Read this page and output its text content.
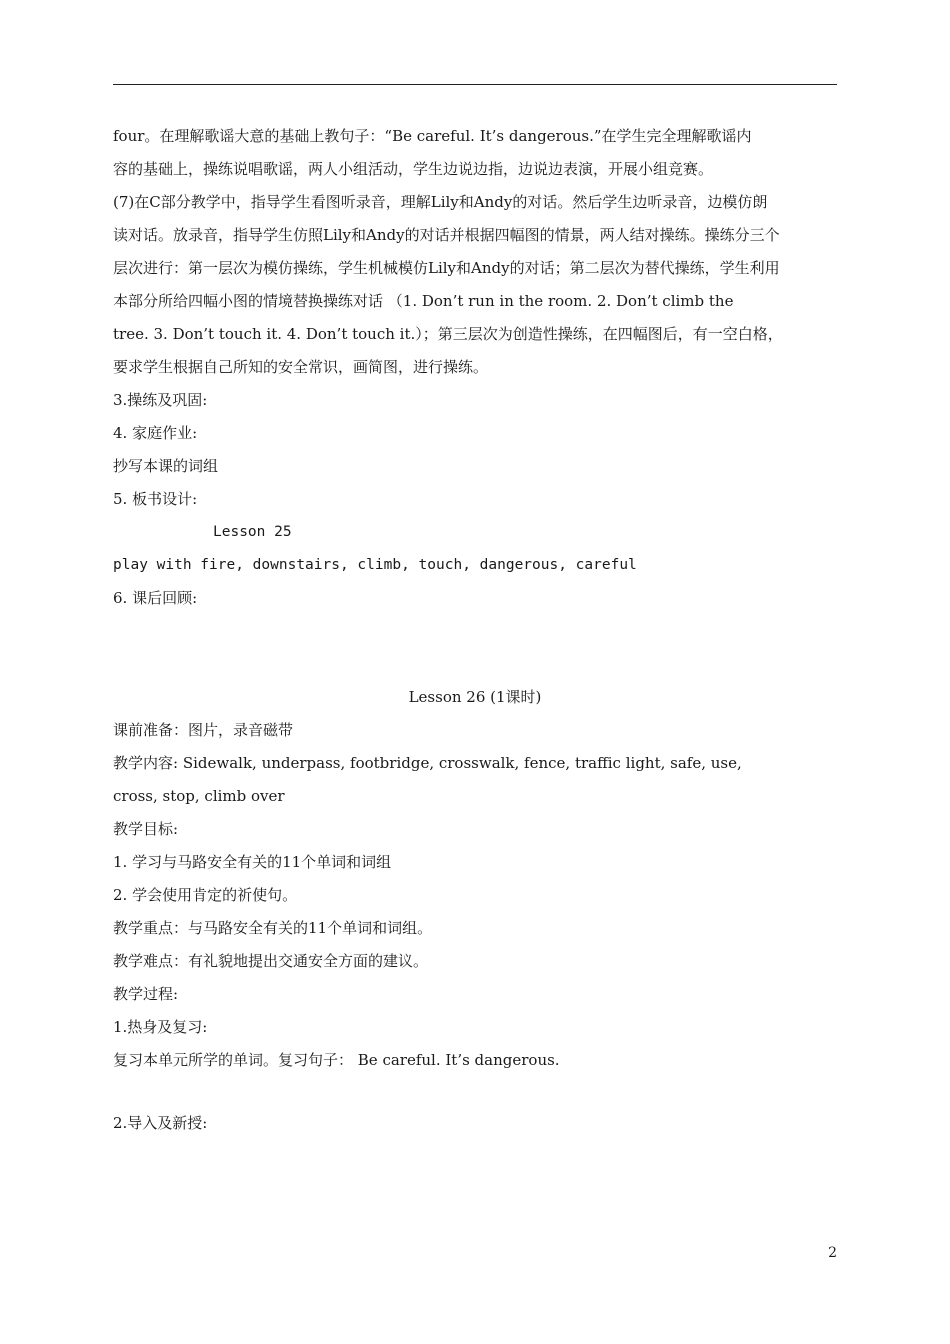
four。在理解歌谣大意的基础上教句子：“Be careful. It’s dangerous.”在学生完全理解歌谣内
容的基础上，操练说唱歌谣，两人小组活动，学生边说边指，边说边表演，开展小组竞赛。
(7)在C部分教学中，指导学生看图听录音，理解Lily和Andy的对话。然后学生边听录音，边模仿朗
读对话。放录音，指导学生仿照Lily和Andy的对话并根据四幅图的情景，两人结对操练。操练分三个
层次进行：第一层次为模仿操练，学生机械模仿Lily和Andy的对话；第二层次为替代操练，学生利用
本部分所给四幅小图的情境替换操练对话 （1. Don’t run in the room. 2. Don’t climb the
tree. 3. Don’t touch it. 4. Don’t touch it.）；第三层次为创造性操练，在四幅图后，有一空白格，
要求学生根据自己所知的安全常识，画简图，进行操练。
3.操练及巩固:
4. 家庭作业:
抄写本课的词组
5. 板书设计:
Lesson 25
play with fire, downstairs, climb, touch, dangerous, careful
6. 课后回顾:
Lesson 26 (1课时)
课前准备：图片，录音磁带
教学内容: Sidewalk, underpass, footbridge, crosswalk, fence, traffic light, safe, use,
cross, stop, climb over
教学目标:
1. 学习与马路安全有关的11个单词和词组
2. 学会使用肯定的祈使句。
教学重点：与马路安全有关的11个单词和词组。
教学难点：有礼貌地提出交通安全方面的建议。
教学过程:
1.热身及复习:
复习本单元所学的单词。复习句子： Be careful. It’s dangerous.
2.导入及新授:
2
